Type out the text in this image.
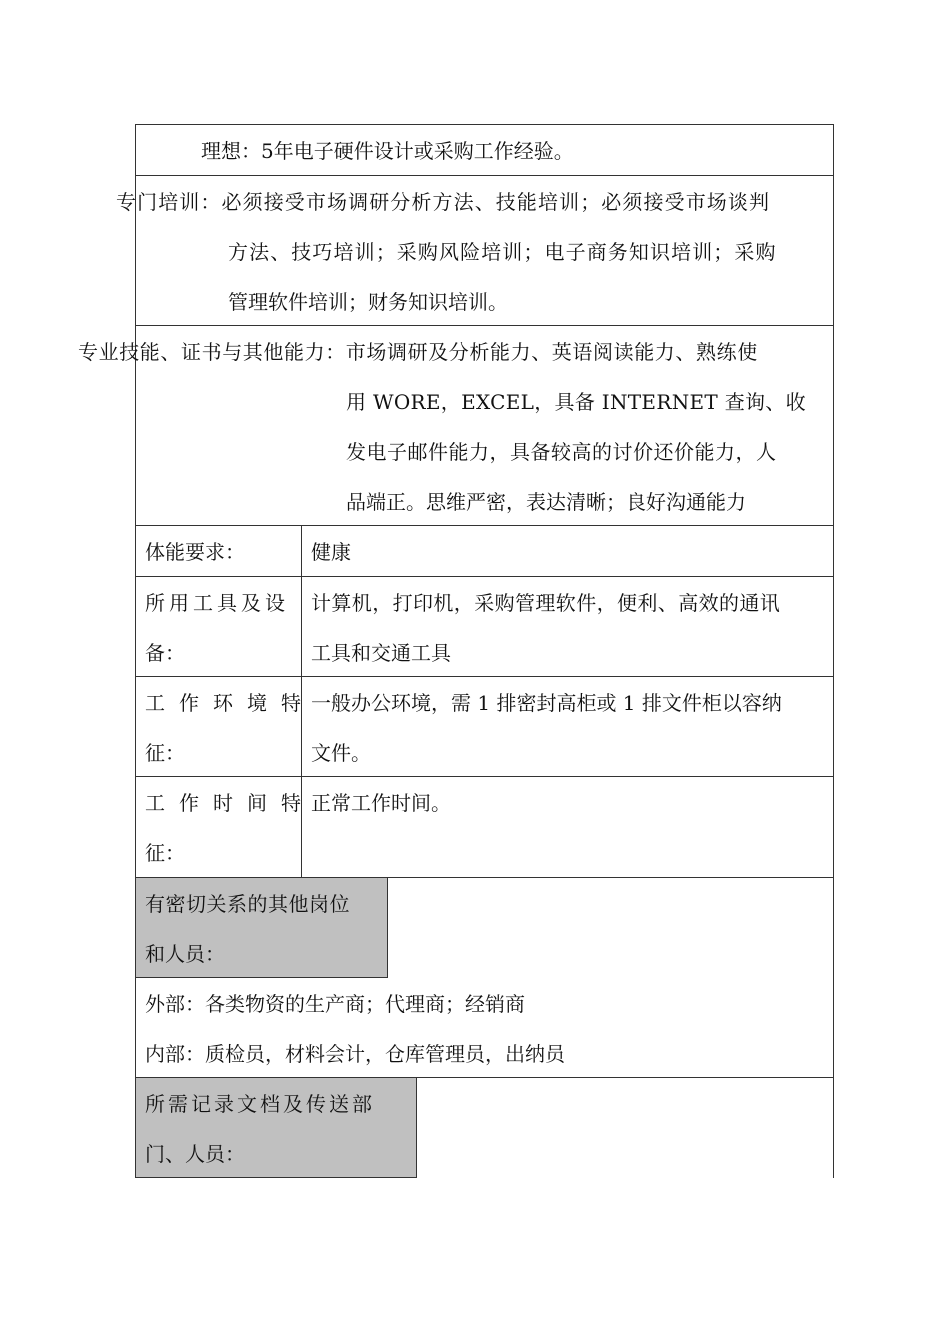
理想：5年电子硬件设计或采购工作经验。
专门培训：必须接受市场调研分析方法、技能培训；必须接受市场谈判
方法、技巧培训；采购风险培训；电子商务知识培训；采购
管理软件培训；财务知识培训。
专业技能、证书与其他能力：市场调研及分析能力、英语阅读能力、熟练使
用 WORE，EXCEL，具备 INTERNET 查询、收
发电子邮件能力，具备较高的讨价还价能力，人
品端正。思维严密，表达清晰；良好沟通能力
体能要求：	健康
所用工具及设
备：
计算机，打印机，采购管理软件，便利、高效的通讯
工具和交通工具
工作环境特
征：
一般办公环境，需 1 排密封高柜或 1 排文件柜以容纳
文件。
工作时间特
征：
正常工作时间。
有密切关系的其他岗位
和人员：
外部：各类物资的生产商；代理商；经销商
内部：质检员，材料会计，仓库管理员，出纳员
所需记录文档及传送部
门、人员：
